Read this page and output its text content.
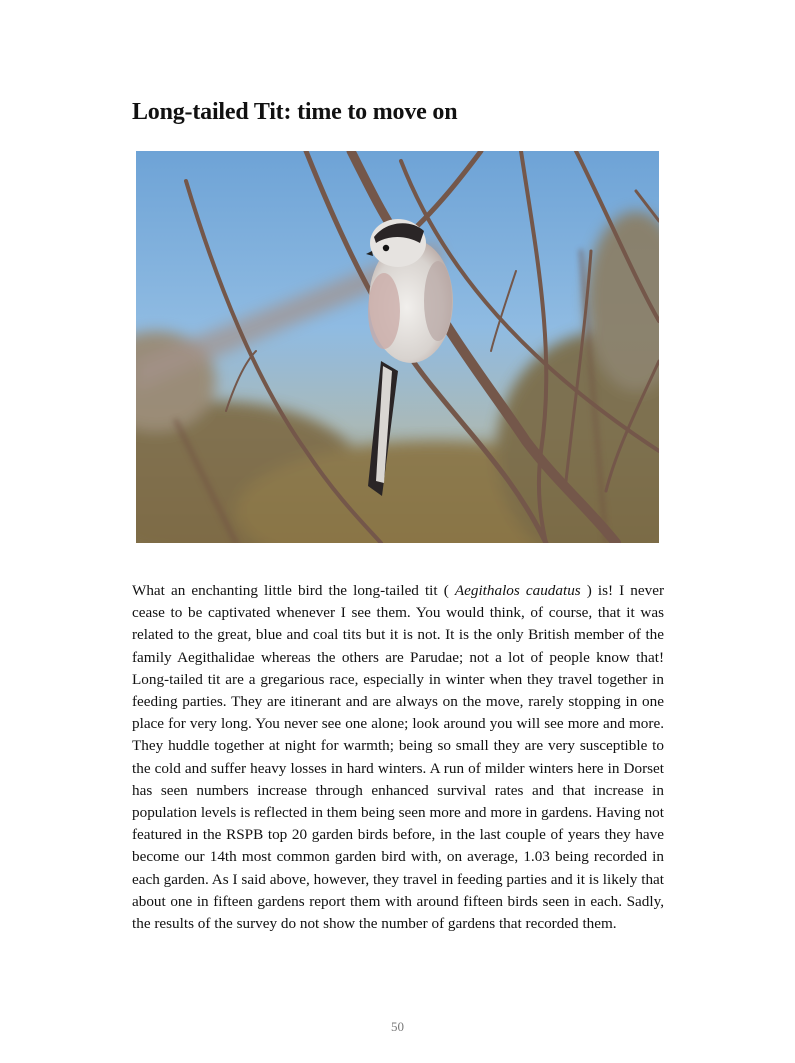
Long-tailed Tit: time to move on

What an enchanting little bird the long-tailed tit ( Aegithalos caudatus ) is! I never cease to be captivated whenever I see them. You would think, of course, that it was related to the great, blue and coal tits but it is not. It is the only British member of the family Aegithalidae whereas the others are Parudae; not a lot of people know that! Long-tailed tit are a gregarious race, especially in winter when they travel together in feeding parties. They are itinerant and are always on the move, rarely stopping in one place for very long. You never see one alone; look around you will see more and more. They huddle together at night for warmth; being so small they are very susceptible to the cold and suffer heavy losses in hard winters. A run of milder winters here in Dorset has seen numbers increase through enhanced survival rates and that increase in population levels is reflected in them being seen more and more in gardens. Having not featured in the RSPB top 20 garden birds before, in the last couple of years they have become our 14th most common garden bird with, on average, 1.03 being recorded in each garden. As I said above, however, they travel in feeding parties and it is likely that about one in fifteen gardens report them with around fifteen birds seen in each. Sadly, the results of the survey do not show the number of gardens that recorded them.

50
